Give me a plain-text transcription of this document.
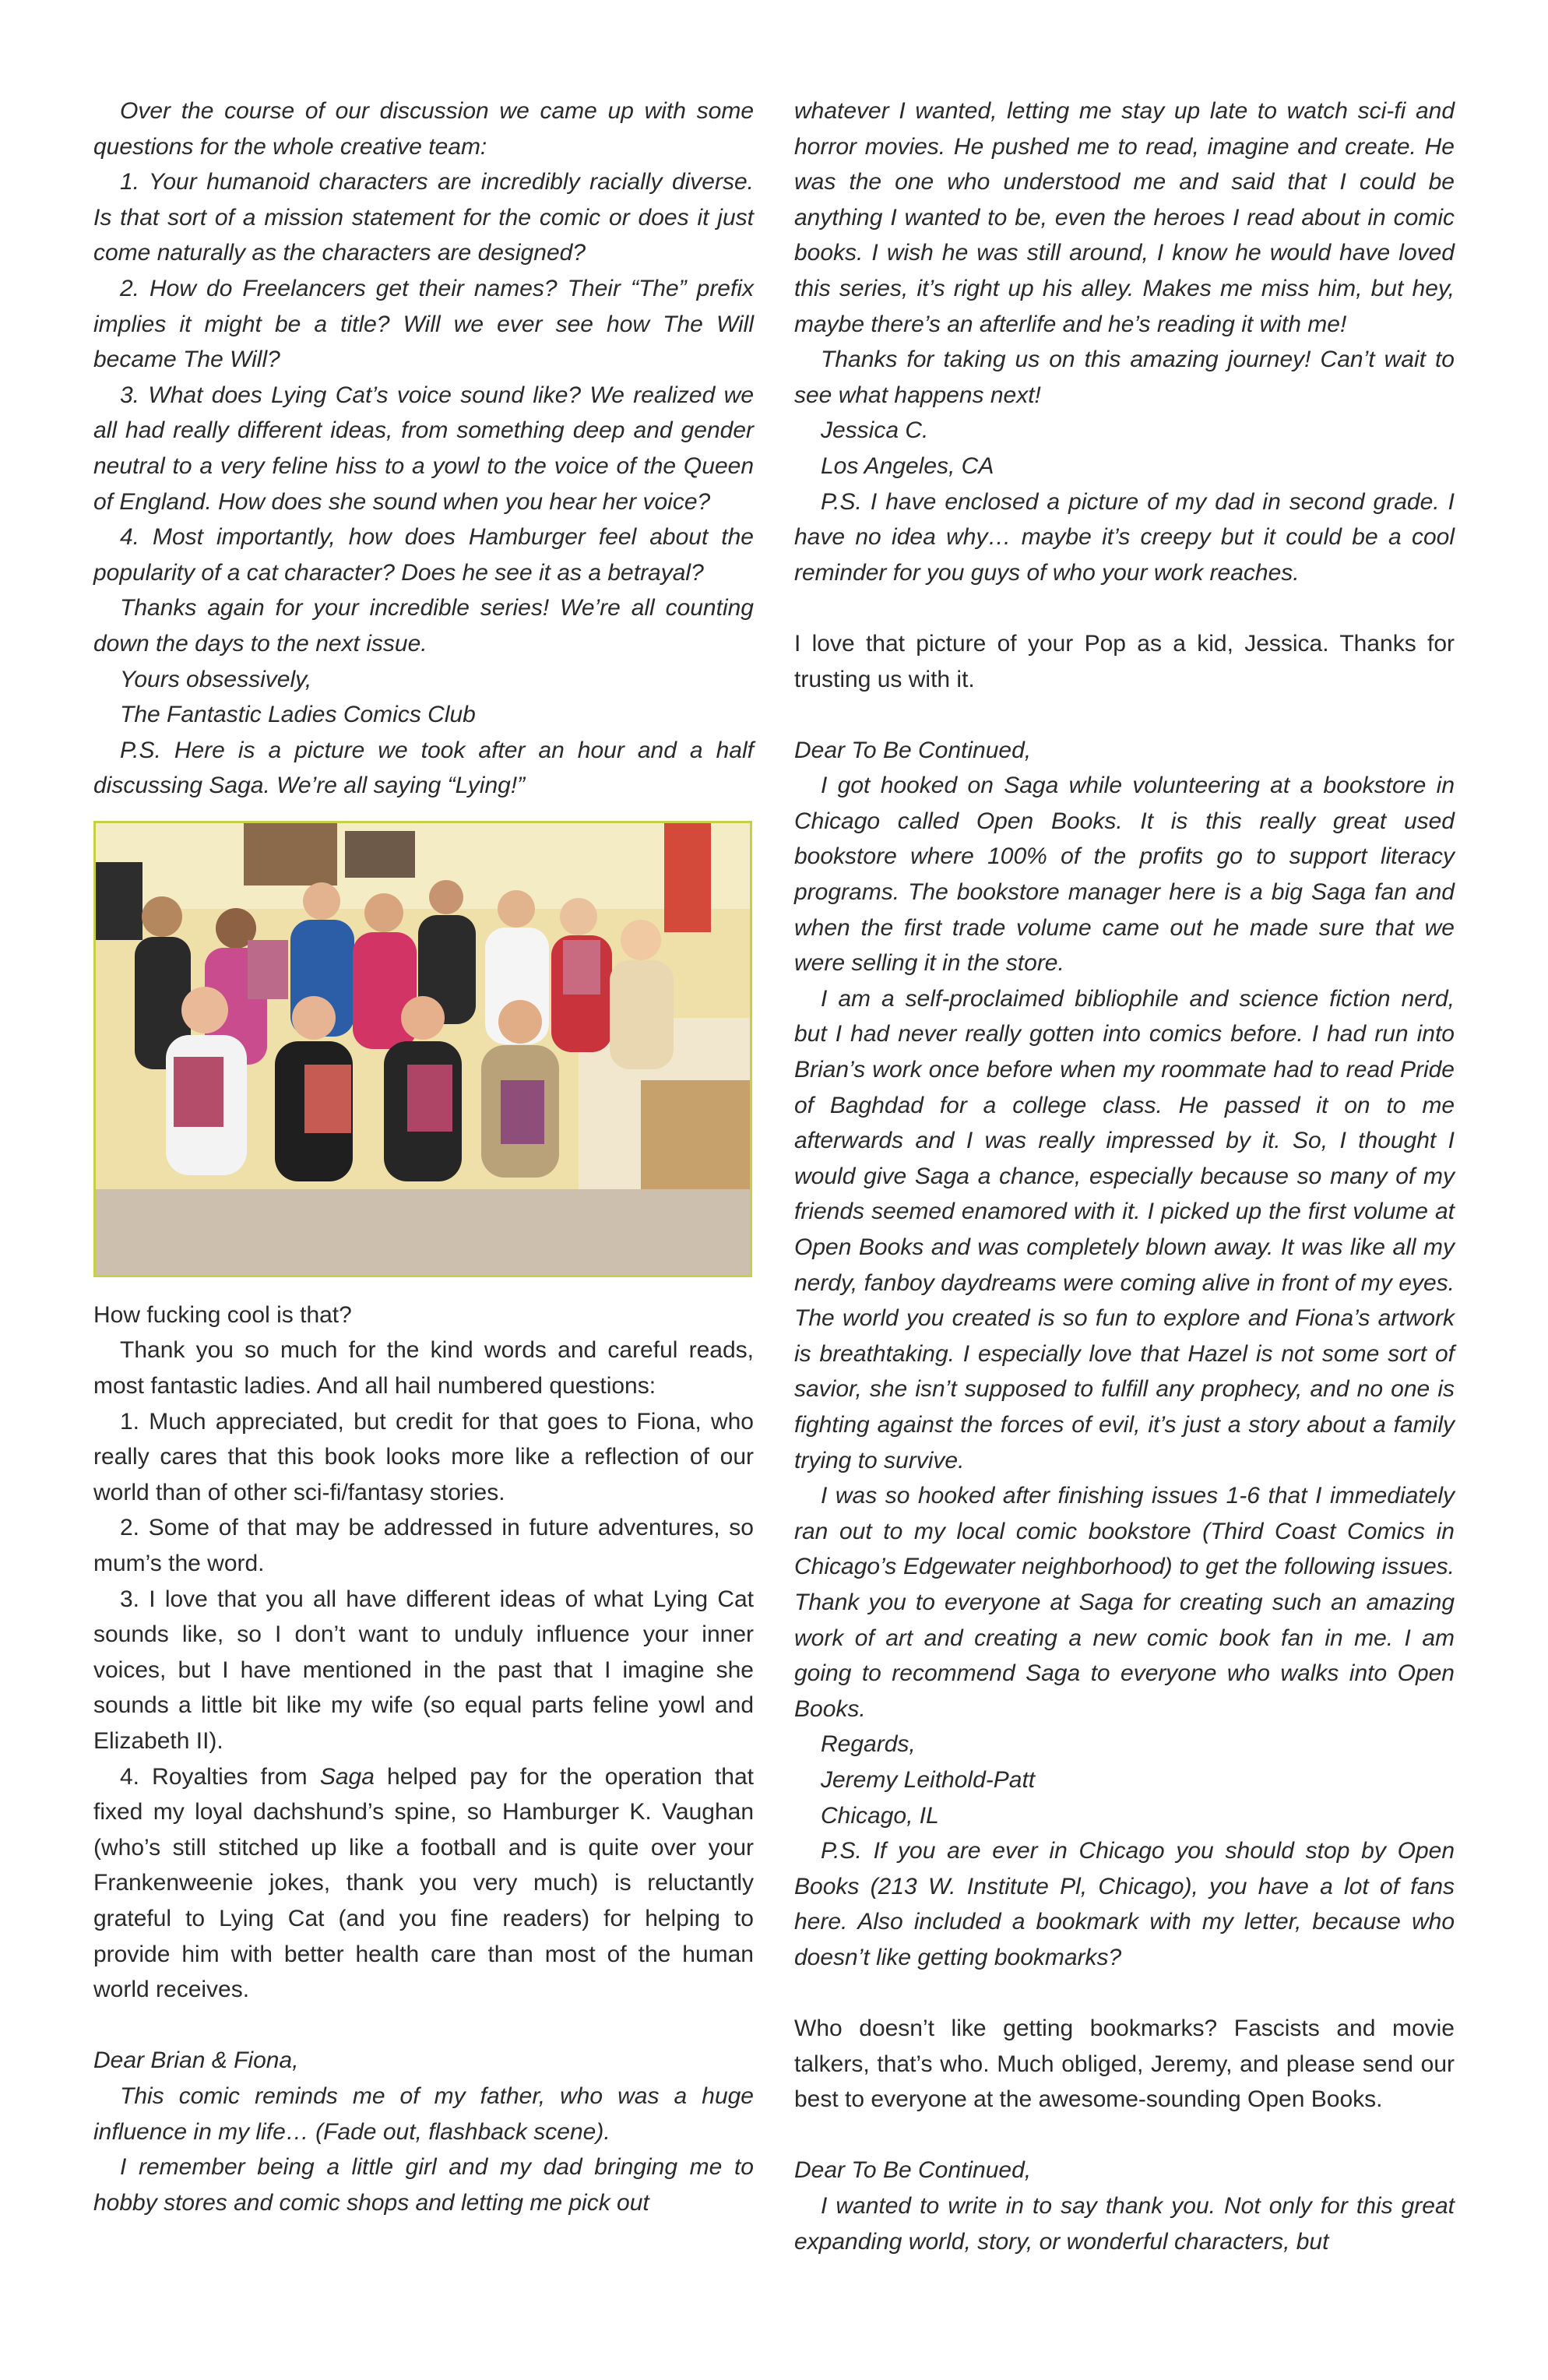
Over the course of our discussion we came up with some questions for the whole creative team:

1. Your humanoid characters are incredibly racially diverse. Is that sort of a mission statement for the comic or does it just come naturally as the characters are designed?

2. How do Freelancers get their names? Their “The” prefix implies it might be a title? Will we ever see how The Will became The Will?

3. What does Lying Cat’s voice sound like? We realized we all had really different ideas, from something deep and gender neutral to a very feline hiss to a yowl to the voice of the Queen of England. How does she sound when you hear her voice?

4. Most importantly, how does Hamburger feel about the popularity of a cat character? Does he see it as a betrayal?

Thanks again for your incredible series! We’re all counting down the days to the next issue.

Yours obsessively,

The Fantastic Ladies Comics Club

P.S. Here is a picture we took after an hour and a half discussing Saga. We’re all saying “Lying!”

How fucking cool is that?

Thank you so much for the kind words and careful reads, most fantastic ladies. And all hail numbered questions:

1. Much appreciated, but credit for that goes to Fiona, who really cares that this book looks more like a reflection of our world than of other sci-fi/fantasy stories.

2. Some of that may be addressed in future adventures, so mum’s the word.

3. I love that you all have different ideas of what Lying Cat sounds like, so I don’t want to unduly influence your inner voices, but I have mentioned in the past that I imagine she sounds a little bit like my wife (so equal parts feline yowl and Elizabeth II).

4. Royalties from Saga helped pay for the operation that fixed my loyal dachshund’s spine, so Hamburger K. Vaughan (who’s still stitched up like a football and is quite over your Frankenweenie jokes, thank you very much) is reluctantly grateful to Lying Cat (and you fine readers) for helping to provide him with better health care than most of the human world receives.

Dear Brian & Fiona,

This comic reminds me of my father, who was a huge influence in my life… (Fade out, flashback scene).

I remember being a little girl and my dad bringing me to hobby stores and comic shops and letting me pick out

whatever I wanted, letting me stay up late to watch sci-fi and horror movies. He pushed me to read, imagine and create. He was the one who understood me and said that I could be anything I wanted to be, even the heroes I read about in comic books. I wish he was still around, I know he would have loved this series, it’s right up his alley. Makes me miss him, but hey, maybe there’s an afterlife and he’s reading it with me!

Thanks for taking us on this amazing journey! Can’t wait to see what happens next!

Jessica C.

Los Angeles, CA

P.S. I have enclosed a picture of my dad in second grade. I have no idea why… maybe it’s creepy but it could be a cool reminder for you guys of who your work reaches.

I love that picture of your Pop as a kid, Jessica. Thanks for trusting us with it.

Dear To Be Continued,

I got hooked on Saga while volunteering at a bookstore in Chicago called Open Books. It is this really great used bookstore where 100% of the profits go to support literacy programs. The bookstore manager here is a big Saga fan and when the first trade volume came out he made sure that we were selling it in the store.

I am a self-proclaimed bibliophile and science fiction nerd, but I had never really gotten into comics before. I had run into Brian’s work once before when my roommate had to read Pride of Baghdad for a college class. He passed it on to me afterwards and I was really impressed by it. So, I thought I would give Saga a chance, especially because so many of my friends seemed enamored with it. I picked up the first volume at Open Books and was completely blown away. It was like all my nerdy, fanboy daydreams were coming alive in front of my eyes. The world you created is so fun to explore and Fiona’s artwork is breathtaking. I especially love that Hazel is not some sort of savior, she isn’t supposed to fulfill any prophecy, and no one is fighting against the forces of evil, it’s just a story about a family trying to survive.

I was so hooked after finishing issues 1-6 that I immediately ran out to my local comic bookstore (Third Coast Comics in Chicago’s Edgewater neighborhood) to get the following issues. Thank you to everyone at Saga for creating such an amazing work of art and creating a new comic book fan in me. I am going to recommend Saga to everyone who walks into Open Books.

Regards,

Jeremy Leithold-Patt

Chicago, IL

P.S. If you are ever in Chicago you should stop by Open Books (213 W. Institute Pl, Chicago), you have a lot of fans here. Also included a bookmark with my letter, because who doesn’t like getting bookmarks?

Who doesn’t like getting bookmarks? Fascists and movie talkers, that’s who. Much obliged, Jeremy, and please send our best to everyone at the awesome-sounding Open Books.

Dear To Be Continued,

I wanted to write in to say thank you. Not only for this great expanding world, story, or wonderful characters, but
